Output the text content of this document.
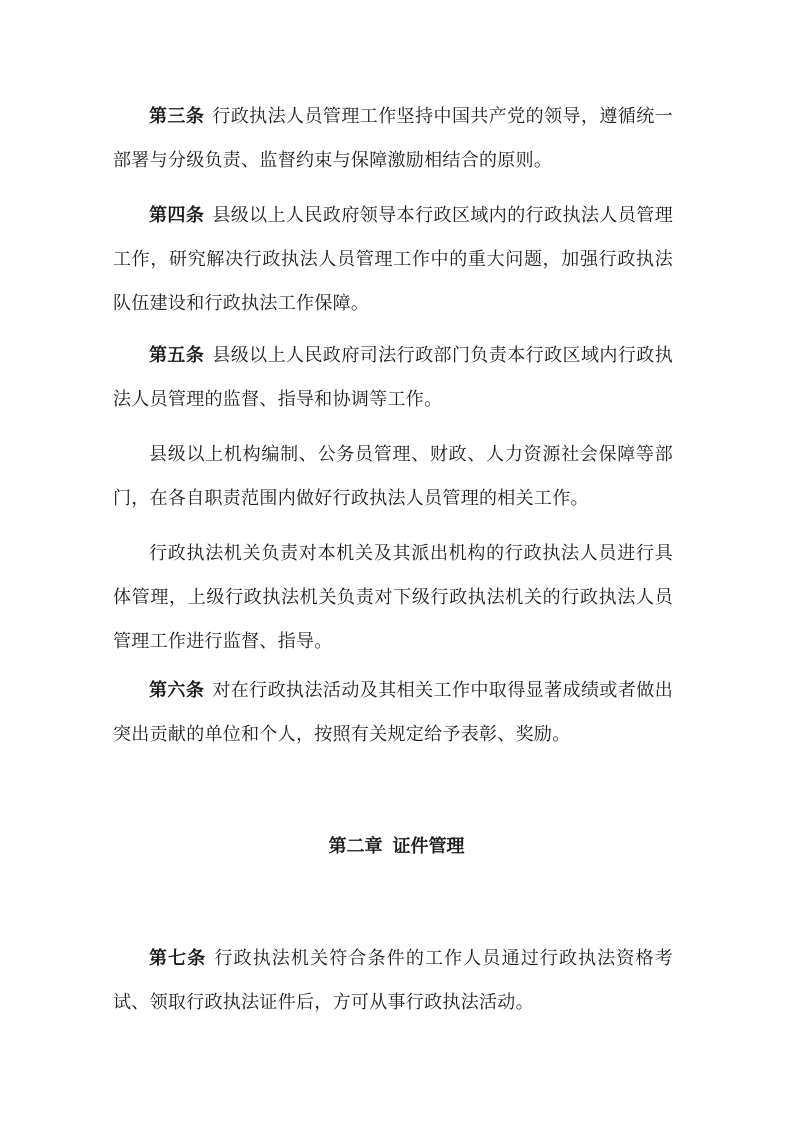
第三条 行政执法人员管理工作坚持中国共产党的领导，遵循统一部署与分级负责、监督约束与保障激励相结合的原则。

第四条 县级以上人民政府领导本行政区域内的行政执法人员管理工作，研究解决行政执法人员管理工作中的重大问题，加强行政执法队伍建设和行政执法工作保障。

第五条 县级以上人民政府司法行政部门负责本行政区域内行政执法人员管理的监督、指导和协调等工作。

县级以上机构编制、公务员管理、财政、人力资源社会保障等部门，在各自职责范围内做好行政执法人员管理的相关工作。

行政执法机关负责对本机关及其派出机构的行政执法人员进行具体管理，上级行政执法机关负责对下级行政执法机关的行政执法人员管理工作进行监督、指导。

第六条 对在行政执法活动及其相关工作中取得显著成绩或者做出突出贡献的单位和个人，按照有关规定给予表彰、奖励。

第二章 证件管理

第七条 行政执法机关符合条件的工作人员通过行政执法资格考试、领取行政执法证件后，方可从事行政执法活动。
